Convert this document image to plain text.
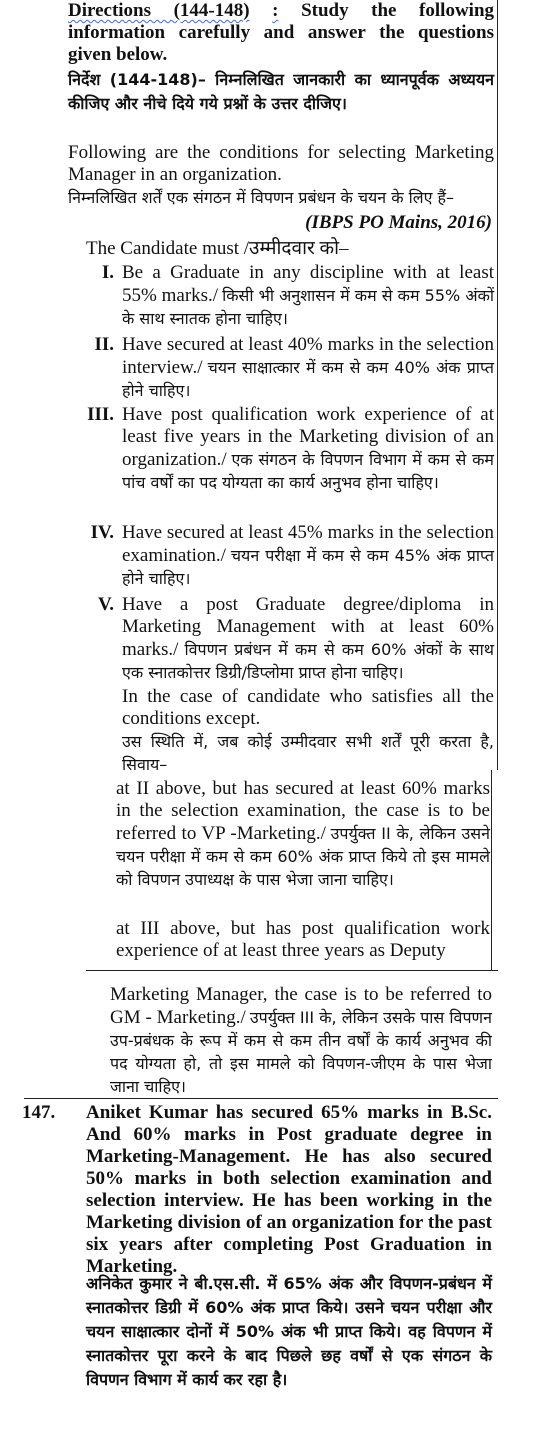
Directions (144-148) : Study the following information carefully and answer the questions given below.
निर्देश (144-148)– निम्नलिखित जानकारी का ध्यानपूर्वक अध्ययन कीजिए और नीचे दिये गये प्रश्नों के उत्तर दीजिए।
Following are the conditions for selecting Marketing Manager in an organization.
निम्नलिखित शर्तें एक संगठन में विपणन प्रबंधन के चयन के लिए हैं–
(IBPS PO Mains, 2016)
The Candidate must /उम्मीदवार को–
I. Be a Graduate in any discipline with at least 55% marks./ किसी भी अनुशासन में कम से कम 55% अंकों के साथ स्नातक होना चाहिए।
II. Have secured at least 40% marks in the selection interview./ चयन साक्षात्कार में कम से कम 40% अंक प्राप्त होने चाहिए।
III. Have post qualification work experience of at least five years in the Marketing division of an organization./ एक संगठन के विपणन विभाग में कम से कम पांच वर्षों का पद योग्यता का कार्य अनुभव होना चाहिए।
IV. Have secured at least 45% marks in the selection examination./ चयन परीक्षा में कम से कम 45% अंक प्राप्त होने चाहिए।
V. Have a post Graduate degree/diploma in Marketing Management with at least 60% marks./ विपणन प्रबंधन में कम से कम 60% अंकों के साथ एक स्नातकोत्तर डिग्री/डिप्लोमा प्राप्त होना चाहिए।
In the case of candidate who satisfies all the conditions except.
उस स्थिति में, जब कोई उम्मीदवार सभी शर्तें पूरी करता है, सिवाय–
at II above, but has secured at least 60% marks in the selection examination, the case is to be referred to VP -Marketing./ उपर्युक्त II के, लेकिन उसने चयन परीक्षा में कम से कम 60% अंक प्राप्त किये तो इस मामले को विपणन उपाध्यक्ष के पास भेजा जाना चाहिए।
at III above, but has post qualification work experience of at least three years as Deputy
Marketing Manager, the case is to be referred to GM - Marketing./ उपर्युक्त III के, लेकिन उसके पास विपणन उप-प्रबंधक के रूप में कम से कम तीन वर्षों के कार्य अनुभव की पद योग्यता हो, तो इस मामले को विपणन-जीएम के पास भेजा जाना चाहिए।
147.	Aniket Kumar has secured 65% marks in B.Sc. And 60% marks in Post graduate degree in Marketing-Management. He has also secured 50% marks in both selection examination and selection interview. He has been working in the Marketing division of an organization for the past six years after completing Post Graduation in Marketing.
अनिकेत कुमार ने बी.एस.सी. में 65% अंक और विपणन-प्रबंधन में स्नातकोत्तर डिग्री में 60% अंक प्राप्त किये। उसने चयन परीक्षा और चयन साक्षात्कार दोनों में 50% अंक भी प्राप्त किये। वह विपणन में स्नातकोत्तर पूरा करने के बाद पिछले छह वर्षों से एक संगठन के विपणन विभाग में कार्य कर रहा है।
